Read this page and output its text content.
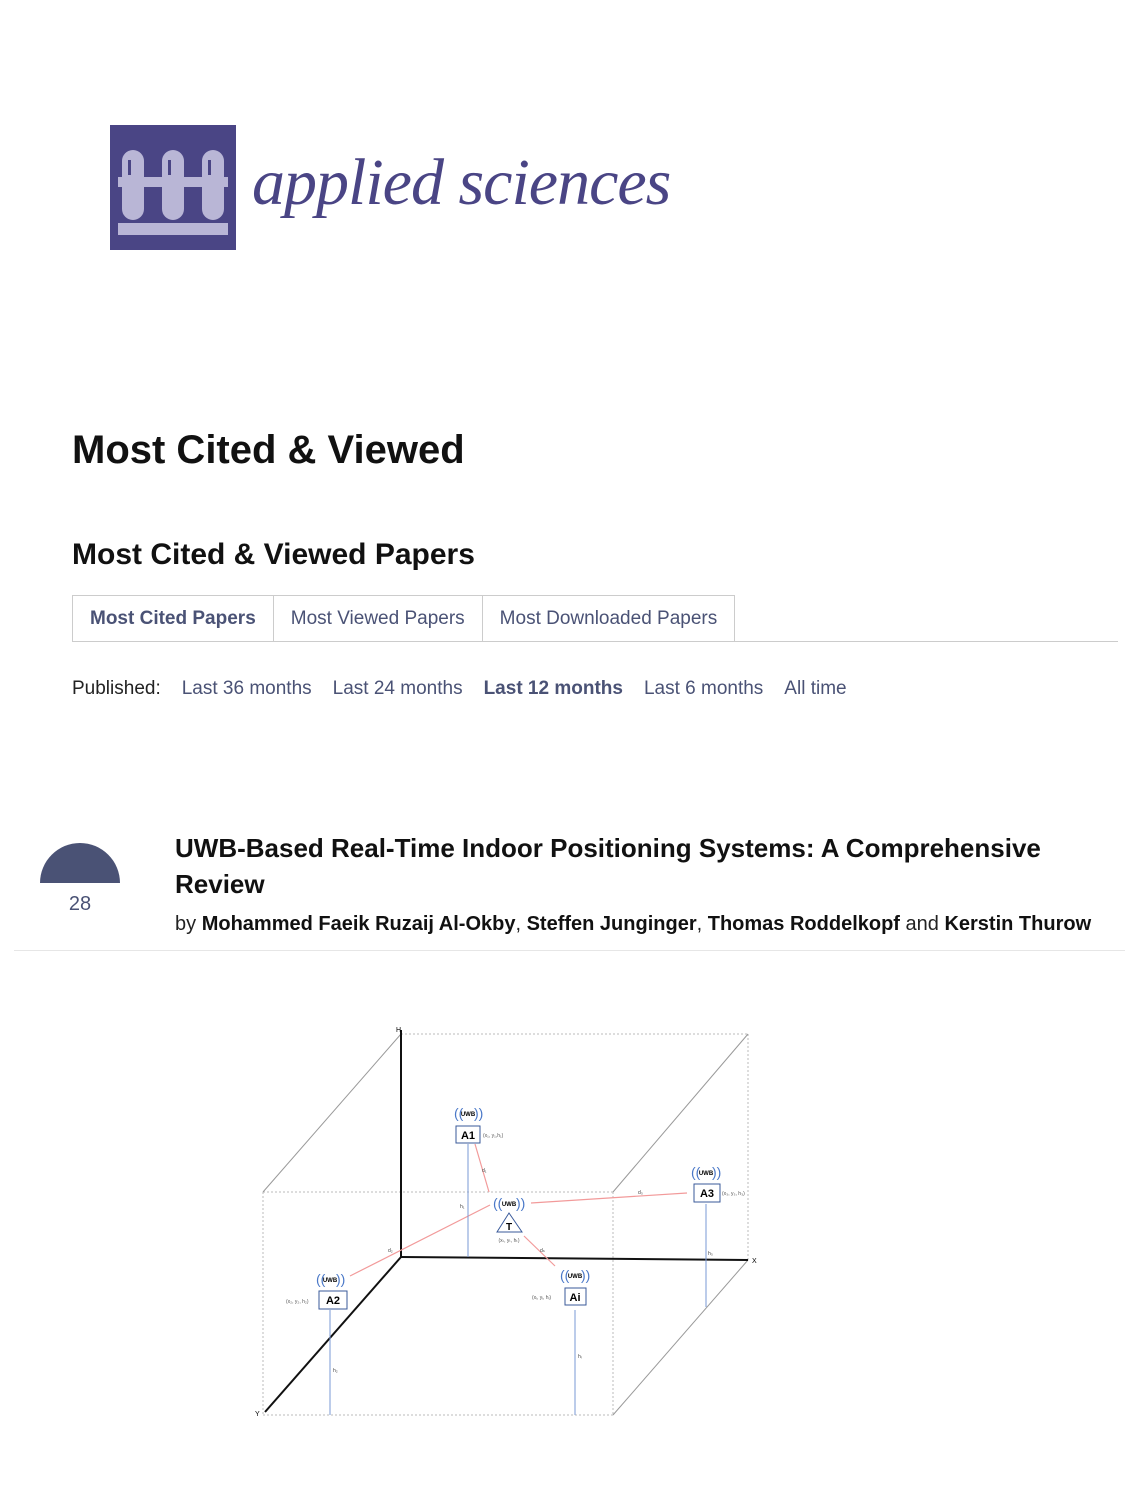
applied sciences
Most Cited & Viewed
Most Cited & Viewed Papers
Most Cited Papers	Most Viewed Papers	Most Downloaded Papers
Published: Last 36 months Last 24 months Last 12 months Last 6 months All time
28
UWB-Based Real-Time Indoor Positioning Systems: A Comprehensive Review
by Mohammed Faeik Ruzaij Al-Okby, Steffen Junginger, Thomas Roddelkopf and Kerstin Thurow
H
X
Y
d₁
d₂
d₃
dₙ
h₁
h₂
h₃
hᵢ
UWB
(( ))
A1 (x₁, y₁,h₁)
UWB
(( ))
A2
(x₂, y₂, h₂)
UWB
(( ))
A3 (x₃, y₃, h₃)
UWB
(( ))
Ai
(xᵢ, yᵢ, hᵢ)
UWB
(( ))
T
(xₜ, yₜ, hₜ)
